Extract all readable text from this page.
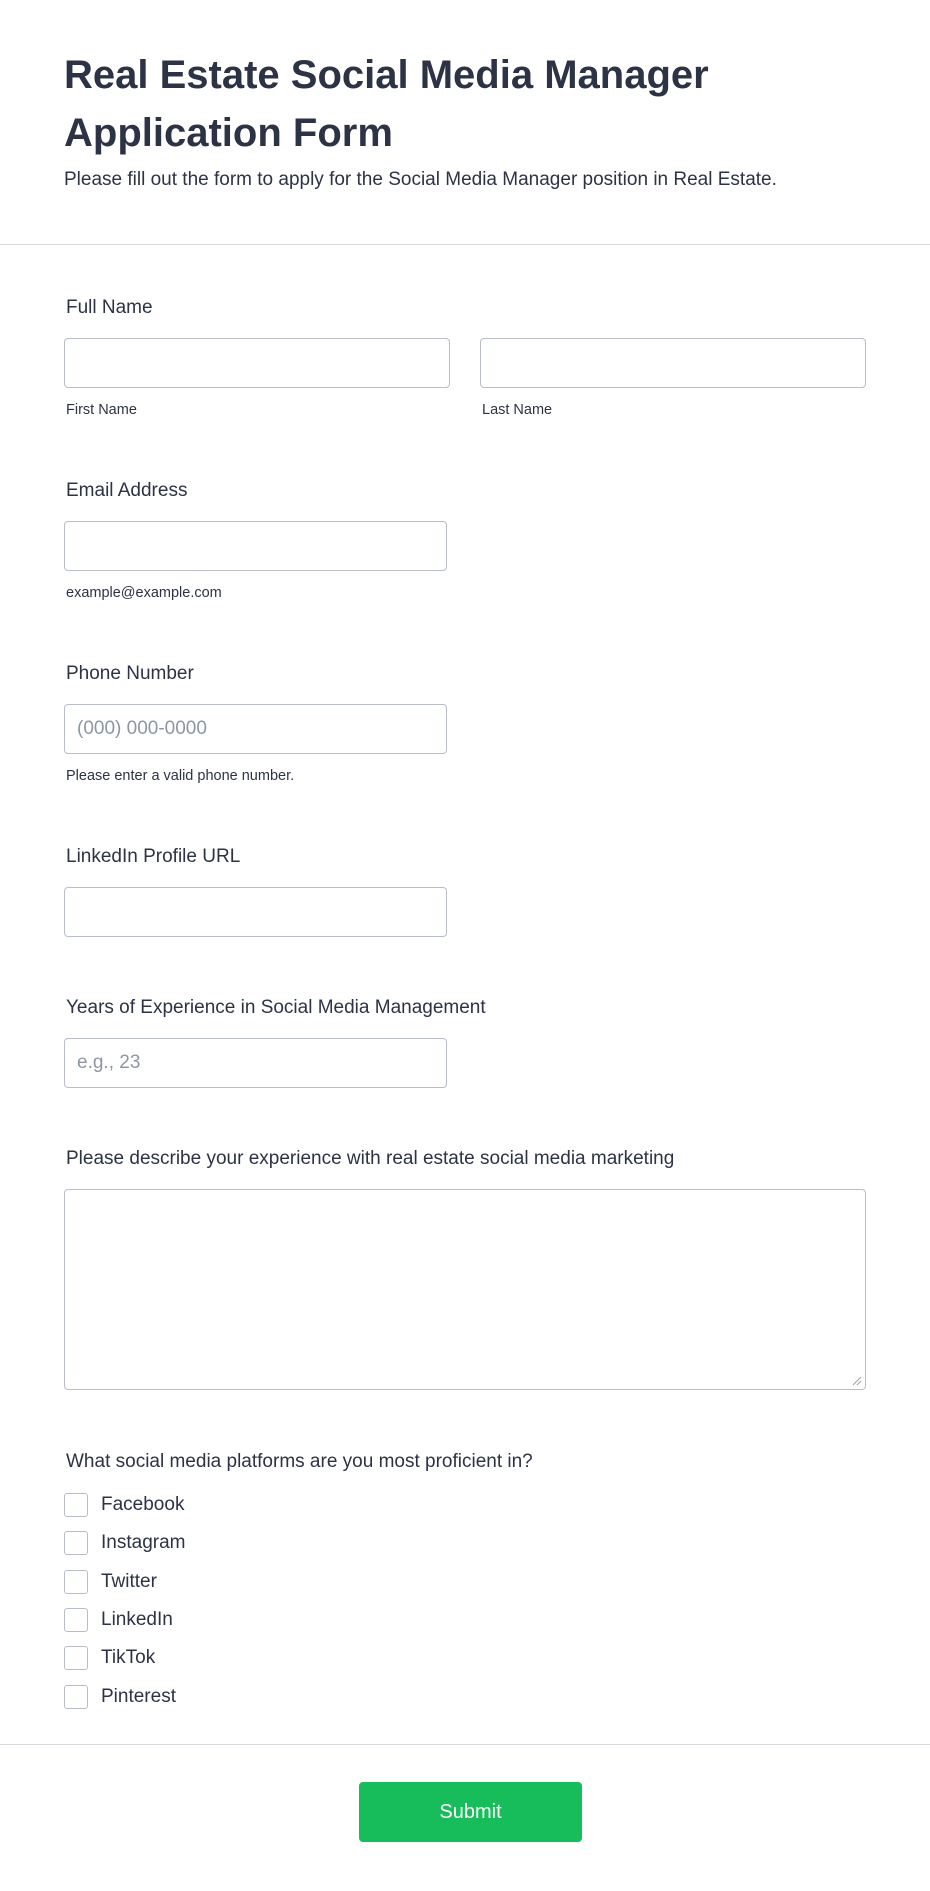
Real Estate Social Media Manager Application Form

Please fill out the form to apply for the Social Media Manager position in Real Estate.

Full Name
First Name	Last Name
Email Address
example@example.com
Phone Number
(000) 000-0000
Please enter a valid phone number.
LinkedIn Profile URL
Years of Experience in Social Media Management
e.g., 23
Please describe your experience with real estate social media marketing
What social media platforms are you most proficient in?
Facebook
Instagram
Twitter
LinkedIn
TikTok
Pinterest
Submit
